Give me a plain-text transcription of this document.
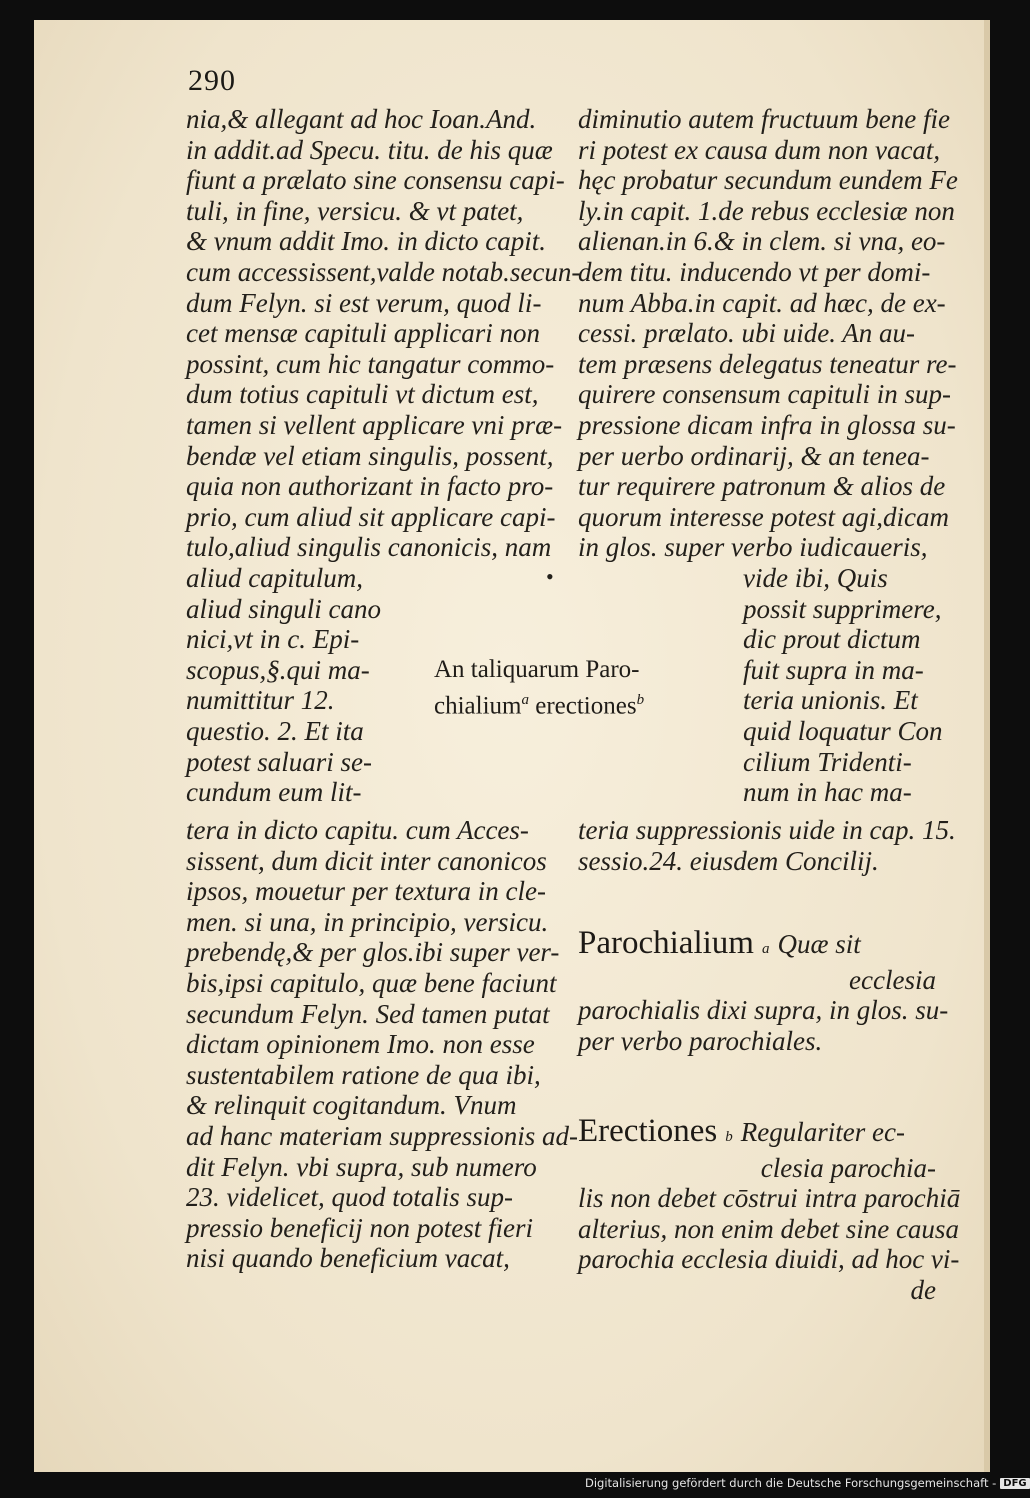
290
nia,& allegant ad hoc Ioan.And.
in addit.ad Specu. titu. de his quæ
fiunt a prælato sine consensu capi-
tuli, in fine, versicu. & vt patet,
& vnum addit Imo. in dicto capit.
cum accessissent,valde notab.secun-
dum Felyn. si est verum, quod li-
cet mensæ capituli applicari non
possint, cum hic tangatur commo-
dum totius capituli vt dictum est,
tamen si vellent applicare vni præ-
bendæ vel etiam singulis, possent,
quia non authorizant in facto pro-
prio, cum aliud sit applicare capi-
tulo,aliud singulis canonicis, nam
aliud capitulum,
aliud singuli cano
nici,vt in c. Epi-
scopus,§.qui ma-
numittitur 12.
questio. 2. Et ita
potest saluari se-
cundum eum lit-
tera in dicto capitu. cum Acces-
sissent, dum dicit inter canonicos
ipsos, mouetur per textura in cle-
men. si una, in principio, versicu.
prebendę,& per glos.ibi super ver-
bis,ipsi capitulo, quæ bene faciunt
secundum Felyn. Sed tamen putat
dictam opinionem Imo. non esse
sustentabilem ratione de qua ibi,
& relinquit cogitandum. Vnum
ad hanc materiam suppressionis ad-
dit Felyn. vbi supra, sub numero
23. videlicet, quod totalis sup-
pressio beneficij non potest fieri
nisi quando beneficium vacat,
diminutio autem fructuum bene fie
ri potest ex causa dum non vacat,
hęc probatur secundum eundem Fe
ly.in capit. 1.de rebus ecclesiæ non
alienan.in 6.& in clem. si vna, eo-
dem titu. inducendo vt per domi-
num Abba.in capit. ad hæc, de ex-
cessi. prælato. ubi uide. An au-
tem præsens delegatus teneatur re-
quirere consensum capituli in sup-
pressione dicam infra in glossa su-
per uerbo ordinarij, & an tenea-
tur requirere patronum & alios de
quorum interesse potest agi,dicam
in glos. super verbo iudicaueris,
vide ibi, Quis
possit supprimere,
dic prout dictum
fuit supra in ma-
teria unionis. Et
quid loquatur Con
cilium Tridenti-
num in hac ma-
teria suppressionis uide in cap. 15.
sessio.24. eiusdem Concilij.
•
An taliquarum Paro-
chialium$^a$ erectiones$^b$
Parochialium a Quæ sit
ecclesia
parochialis dixi supra, in glos. su-
per verbo parochiales.
Erectiones b Regulariter ec-
clesia parochia-
lis non debet cōstrui intra parochiā
alterius, non enim debet sine causa
parochia ecclesia diuidi, ad hoc vi-
de
Digitalisierung gefördert durch die Deutsche Forschungsgemeinschaft - DFG
